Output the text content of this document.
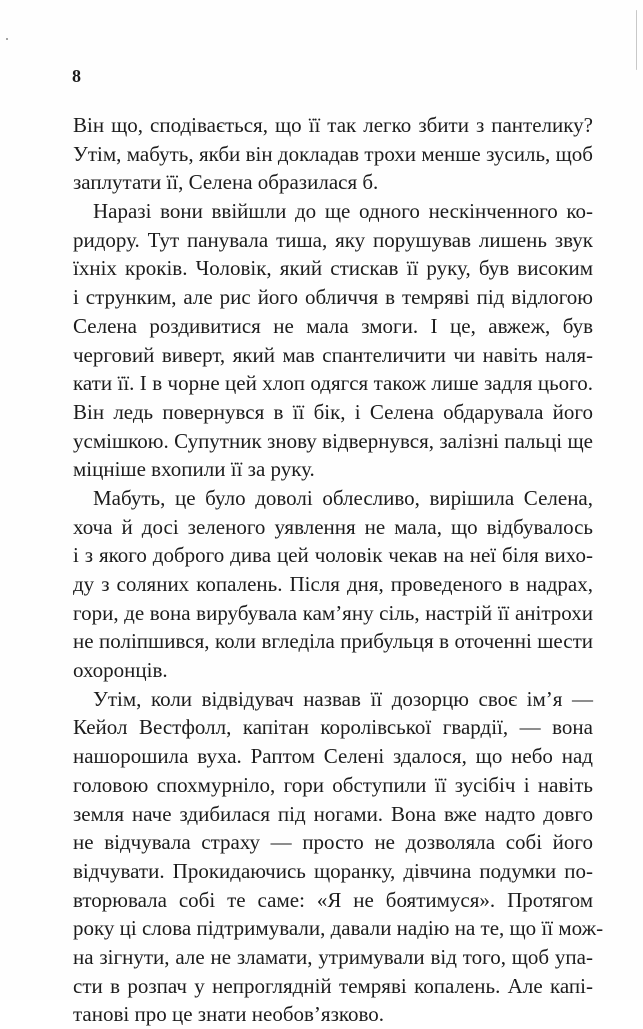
8
Він що, сподівається, що її так легко збити з пантелику?
Утім, мабуть, якби він докладав трохи менше зусиль, щоб
заплутати її, Селена образилася б.
Наразі вони ввійшли до ще одного нескінченного ко-
ридору. Тут панувала тиша, яку порушував лишень звук
їхніх кроків. Чоловік, який стискав її руку, був високим
і струнким, але рис його обличчя в темряві під відлогою
Селена роздивитися не мала змоги. І це, авжеж, був
черговий виверт, який мав спантеличити чи навіть наля-
кати її. І в чорне цей хлоп одягся також лише задля цього.
Він ледь повернувся в її бік, і Селена обдарувала його
усмішкою. Супутник знову відвернувся, залізні пальці ще
міцніше вхопили її за руку.
Мабуть, це було доволі облесливо, вирішила Селена,
хоча й досі зеленого уявлення не мала, що відбувалось
і з якого доброго дива цей чоловік чекав на неї біля вихо-
ду з соляних копалень. Після дня, проведеного в надрах,
гори, де вона вирубувала кам’яну сіль, настрій її анітрохи
не поліпшився, коли вгледіла прибульця в оточенні шести
охоронців.
Утім, коли відвідувач назвав її дозорцю своє ім’я —
Кейол Вестфолл, капітан королівської гвардії, — вона
нашорошила вуха. Раптом Селені здалося, що небо над
головою спохмурніло, гори обступили її зусібіч і навіть
земля наче здибилася під ногами. Вона вже надто довго
не відчувала страху — просто не дозволяла собі його
відчувати. Прокидаючись щоранку, дівчина подумки по-
вторювала собі те саме: «Я не боятимуся». Протягом
року ці слова підтримували, давали надію на те, що її мож-
на зігнути, але не зламати, утримували від того, щоб упа-
сти в розпач у непроглядній темряві копалень. Але капі-
танові про це знати необов’язково.
